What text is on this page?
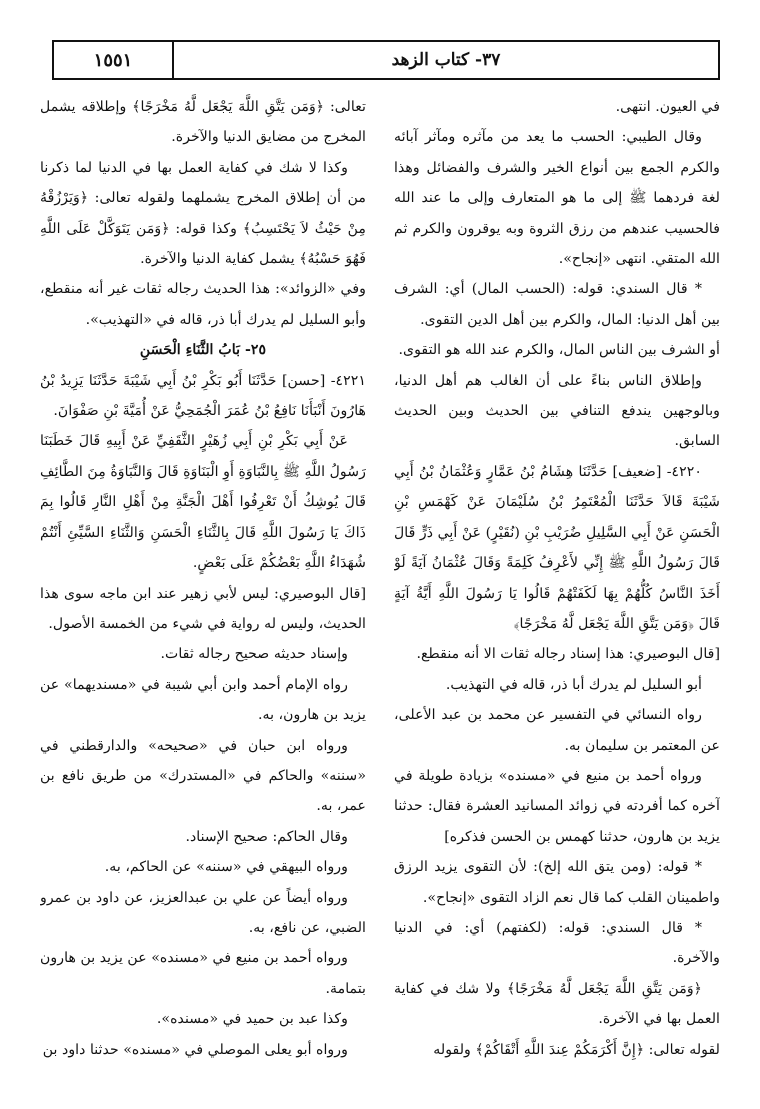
٣٧- كتاب الزهد
١٥٥١

في العيون. انتهى.

وقال الطيبي: الحسب ما يعد من مآثره ومآثر آبائه والكرم الجمع بين أنواع الخير والشرف والفضائل وهذا لغة فردهما ﷺ إلى ما هو المتعارف وإلى ما عند الله فالحسيب عندهم من رزق الثروة وبه يوقرون والكرم ثم الله المتقي. انتهى «إنجاح».

* قال السندي: قوله: (الحسب المال) أي: الشرف بين أهل الدنيا: المال، والكرم بين أهل الدين التقوى.

أو الشرف بين الناس المال، والكرم عند الله هو التقوى.

وإطلاق الناس بناءً على أن الغالب هم أهل الدنيا، وبالوجهين يندفع التنافي بين الحديث وبين الحديث السابق.

٤٢٢٠- [ضعيف] حَدَّثَنَا هِشَامُ بْنُ عَمَّارٍ وَعُثْمَانُ بْنُ أَبِي شَيْبَةَ قَالاَ حَدَّثَنَا الْمُعْتَمِرُ بْنُ سُلَيْمَانَ عَنْ كَهْمَسِ بْنِ الْحَسَنِ عَنْ أَبِي السَّلِيلِ ضُرَيْبِ بْنِ (نُقَيْرٍ) عَنْ أَبِي ذَرٍّ قَالَ قَالَ رَسُولُ اللَّهِ ﷺ إِنِّي لأَعْرِفُ كَلِمَةً وَقَالَ عُثْمَانُ آيَةً لَوْ أَخَذَ النَّاسُ كُلُّهُمْ بِهَا لَكَفَتْهُمْ قَالُوا يَا رَسُولَ اللَّهِ أَيَّةُ آيَةٍ قَالَ ﴿وَمَن يَتَّقِ اللَّهَ يَجْعَل لَّهُ مَخْرَجًا﴾

[قال البوصيري: هذا إسناد رجاله ثقات الا أنه منقطع.

أبو السليل لم يدرك أبا ذر، قاله في التهذيب.

رواه النسائي في التفسير عن محمد بن عبد الأعلى، عن المعتمر بن سليمان به.

ورواه أحمد بن منيع في «مسنده» بزيادة طويلة في آخره كما أفردته في زوائد المسانيد العشرة فقال: حدثنا يزيد بن هارون، حدثنا كهمس بن الحسن فذكره]

* قوله: (ومن يتق الله إلخ): لأن التقوى يزيد الرزق واطمينان القلب كما قال نعم الزاد التقوى «إنجاح».

* قال السندي: قوله: (لكفتهم) أي: في الدنيا والآخرة.

﴿وَمَن يَتَّقِ اللَّهَ يَجْعَل لَّهُ مَخْرَجًا﴾ ولا شك في كفاية العمل بها في الآخرة.

لقوله تعالى: ﴿إِنَّ أَكْرَمَكُمْ عِندَ اللَّهِ أَتْقَاكُمْ﴾ ولقوله

تعالى: ﴿وَمَن يَتَّقِ اللَّهَ يَجْعَل لَّهُ مَخْرَجًا﴾ وإطلاقه يشمل المخرج من مضايق الدنيا والآخرة.

وكذا لا شك في كفاية العمل بها في الدنيا لما ذكرنا من أن إطلاق المخرج يشملهما ولقوله تعالى: ﴿وَيَرْزُقْهُ مِنْ حَيْثُ لاَ يَحْتَسِبُ﴾ وكذا قوله: ﴿وَمَن يَتَوَكَّلْ عَلَى اللَّهِ فَهُوَ حَسْبُهُ﴾ يشمل كفاية الدنيا والآخرة.

وفي «الزوائد»: هذا الحديث رجاله ثقات غير أنه منقطع، وأبو السليل لم يدرك أبا ذر، قاله في «التهذيب».

٢٥- بَابُ الثَّنَاءِ الْحَسَنِ

٤٢٢١- [حسن] حَدَّثَنَا أَبُو بَكْرِ بْنُ أَبِي شَيْبَةَ حَدَّثَنَا يَزِيدُ بْنُ هَارُونَ أَنْبَأَنَا نَافِعُ بْنُ عُمَرَ الْجُمَحِيُّ عَنْ أُمَيَّةَ بْنِ صَفْوَانَ.

عَنْ أَبِي بَكْرِ بْنِ أَبِي زُهَيْرٍ الثَّقَفِيِّ عَنْ أَبِيهِ قَالَ خَطَبَنَا رَسُولُ اللَّهِ ﷺ بِالنَّبَاوَةِ أَوِ الْبَنَاوَةِ قَالَ وَالنَّبَاوَةُ مِنَ الطَّائِفِ قَالَ يُوشِكُ أَنْ تَعْرِفُوا أَهْلَ الْجَنَّةِ مِنْ أَهْلِ النَّارِ قَالُوا بِمَ ذَاكَ يَا رَسُولَ اللَّهِ قَالَ بِالثَّنَاءِ الْحَسَنِ وَالثَّنَاءِ السَّيِّئِ أَنْتُمْ شُهَدَاءُ اللَّهِ بَعْضُكُمْ عَلَى بَعْضٍ.

[قال البوصيري: ليس لأبي زهير عند ابن ماجه سوى هذا الحديث، وليس له رواية في شيء من الخمسة الأصول.

وإسناد حديثه صحيح رجاله ثقات.

رواه الإمام أحمد وابن أبي شيبة في «مسنديهما» عن يزيد بن هارون، به.

ورواه ابن حبان في «صحيحه» والدارقطني في «سننه» والحاكم في «المستدرك» من طريق نافع بن عمر، به.

وقال الحاكم: صحيح الإسناد.

ورواه البيهقي في «سننه» عن الحاكم، به.

ورواه أيضاً عن علي بن عبدالعزيز، عن داود بن عمرو الضبي، عن نافع، به.

ورواه أحمد بن منيع في «مسنده» عن يزيد بن هارون بتمامة.

وكذا عبد بن حميد في «مسنده».

ورواه أبو يعلى الموصلي في «مسنده» حدثنا داود بن
